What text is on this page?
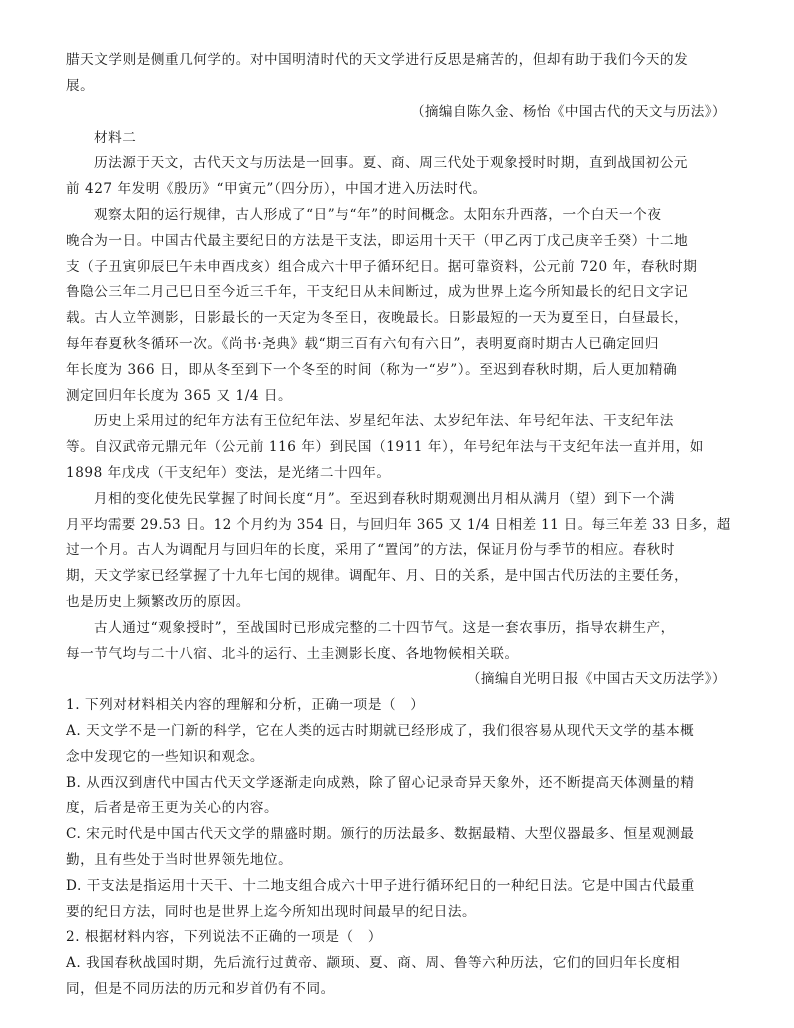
腊天文学则是侧重几何学的。对中国明清时代的天文学进行反思是痛苦的，但却有助于我们今天的发
展。
（摘编自陈久金、杨怡《中国古代的天文与历法》）
材料二
历法源于天文，古代天文与历法是一回事。夏、商、周三代处于观象授时时期，直到战国初公元
前 427 年发明《殷历》“甲寅元”（四分历），中国才进入历法时代。
观察太阳的运行规律，古人形成了“日”与“年”的时间概念。太阳东升西落，一个白天一个夜
晚合为一日。中国古代最主要纪日的方法是干支法，即运用十天干（甲乙丙丁戊己庚辛壬癸）十二地
支（子丑寅卯辰巳午未申酉戌亥）组合成六十甲子循环纪日。据可靠资料，公元前 720 年，春秋时期
鲁隐公三年二月己巳日至今近三千年，干支纪日从未间断过，成为世界上迄今所知最长的纪日文字记
载。古人立竿测影，日影最长的一天定为冬至日，夜晚最长。日影最短的一天为夏至日，白昼最长，
每年春夏秋冬循环一次。《尚书·尧典》载“期三百有六旬有六日”，表明夏商时期古人已确定回归
年长度为 366 日，即从冬至到下一个冬至的时间（称为一“岁”）。至迟到春秋时期，后人更加精确
测定回归年长度为 365 又 1/4 日。
历史上采用过的纪年方法有王位纪年法、岁星纪年法、太岁纪年法、年号纪年法、干支纪年法
等。自汉武帝元鼎元年（公元前 116 年）到民国（1911 年），年号纪年法与干支纪年法一直并用，如
1898 年戊戌（干支纪年）变法，是光绪二十四年。
月相的变化使先民掌握了时间长度“月”。至迟到春秋时期观测出月相从满月（望）到下一个满
月平均需要 29.53 日。12 个月约为 354 日，与回归年 365 又 1/4 日相差 11 日。每三年差 33 日多，超
过一个月。古人为调配月与回归年的长度，采用了“置闰”的方法，保证月份与季节的相应。春秋时
期，天文学家已经掌握了十九年七闰的规律。调配年、月、日的关系，是中国古代历法的主要任务，
也是历史上频繁改历的原因。
古人通过“观象授时”，至战国时已形成完整的二十四节气。这是一套农事历，指导农耕生产，
每一节气均与二十八宿、北斗的运行、土圭测影长度、各地物候相关联。
（摘编自光明日报《中国古天文历法学》）
1. 下列对材料相关内容的理解和分析，正确一项是（　）
A. 天文学不是一门新的科学，它在人类的远古时期就已经形成了，我们很容易从现代天文学的基本概
念中发现它的一些知识和观念。
B. 从西汉到唐代中国古代天文学逐渐走向成熟，除了留心记录奇异天象外，还不断提高天体测量的精
度，后者是帝王更为关心的内容。
C. 宋元时代是中国古代天文学的鼎盛时期。颁行的历法最多、数据最精、大型仪器最多、恒星观测最
勤，且有些处于当时世界领先地位。
D. 干支法是指运用十天干、十二地支组合成六十甲子进行循环纪日的一种纪日法。它是中国古代最重
要的纪日方法，同时也是世界上迄今所知出现时间最早的纪日法。
2. 根据材料内容，下列说法不正确的一项是（　）
A. 我国春秋战国时期，先后流行过黄帝、颛顼、夏、商、周、鲁等六种历法，它们的回归年长度相
同，但是不同历法的历元和岁首仍有不同。
